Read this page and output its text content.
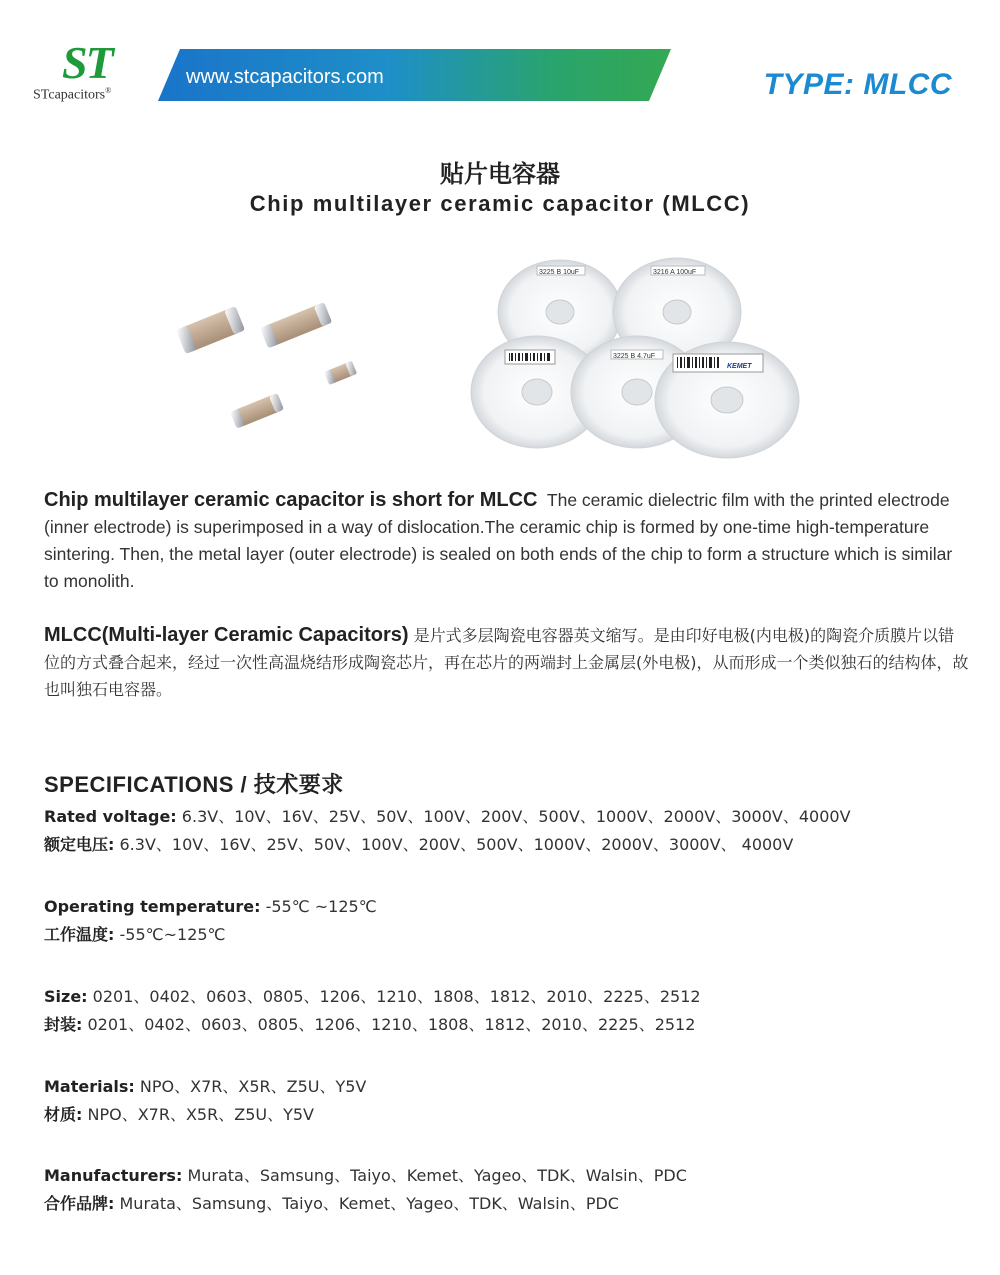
ST
STcapacitors®
www.stcapacitors.com	TYPE: MLCC
贴片电容器
Chip multilayer ceramic capacitor (MLCC)
3225 B 10uF	3216 A 100uF
3225 B 4.7uF
KEMET
Chip multilayer ceramic capacitor is short for MLCC The ceramic dielectric film with the printed electrode (inner electrode) is superimposed in a way of dislocation.The ceramic chip is formed by one-time high-temperature sintering. Then, the metal layer (outer electrode) is sealed on both ends of the chip to form a structure which is similar to monolith.
MLCC(Multi-layer Ceramic Capacitors) 是片式多层陶瓷电容器英文缩写。是由印好电极(内电极)的陶瓷介质膜片以错位的方式叠合起来，经过一次性高温烧结形成陶瓷芯片，再在芯片的两端封上金属层(外电极)，从而形成一个类似独石的结构体，故也叫独石电容器。
SPECIFICATIONS / 技术要求
Rated voltage: 6.3V、10V、16V、25V、50V、100V、200V、500V、1000V、2000V、3000V、4000V
额定电压: 6.3V、10V、16V、25V、50V、100V、200V、500V、1000V、2000V、3000V、 4000V
Operating temperature: -55℃ ~125℃
工作温度: -55℃~125℃
Size: 0201、0402、0603、0805、1206、1210、1808、1812、2010、2225、2512
封装: 0201、0402、0603、0805、1206、1210、1808、1812、2010、2225、2512
Materials: NPO、X7R、X5R、Z5U、Y5V
材质: NPO、X7R、X5R、Z5U、Y5V
Manufacturers: Murata、Samsung、Taiyo、Kemet、Yageo、TDK、Walsin、PDC
合作品牌: Murata、Samsung、Taiyo、Kemet、Yageo、TDK、Walsin、PDC
